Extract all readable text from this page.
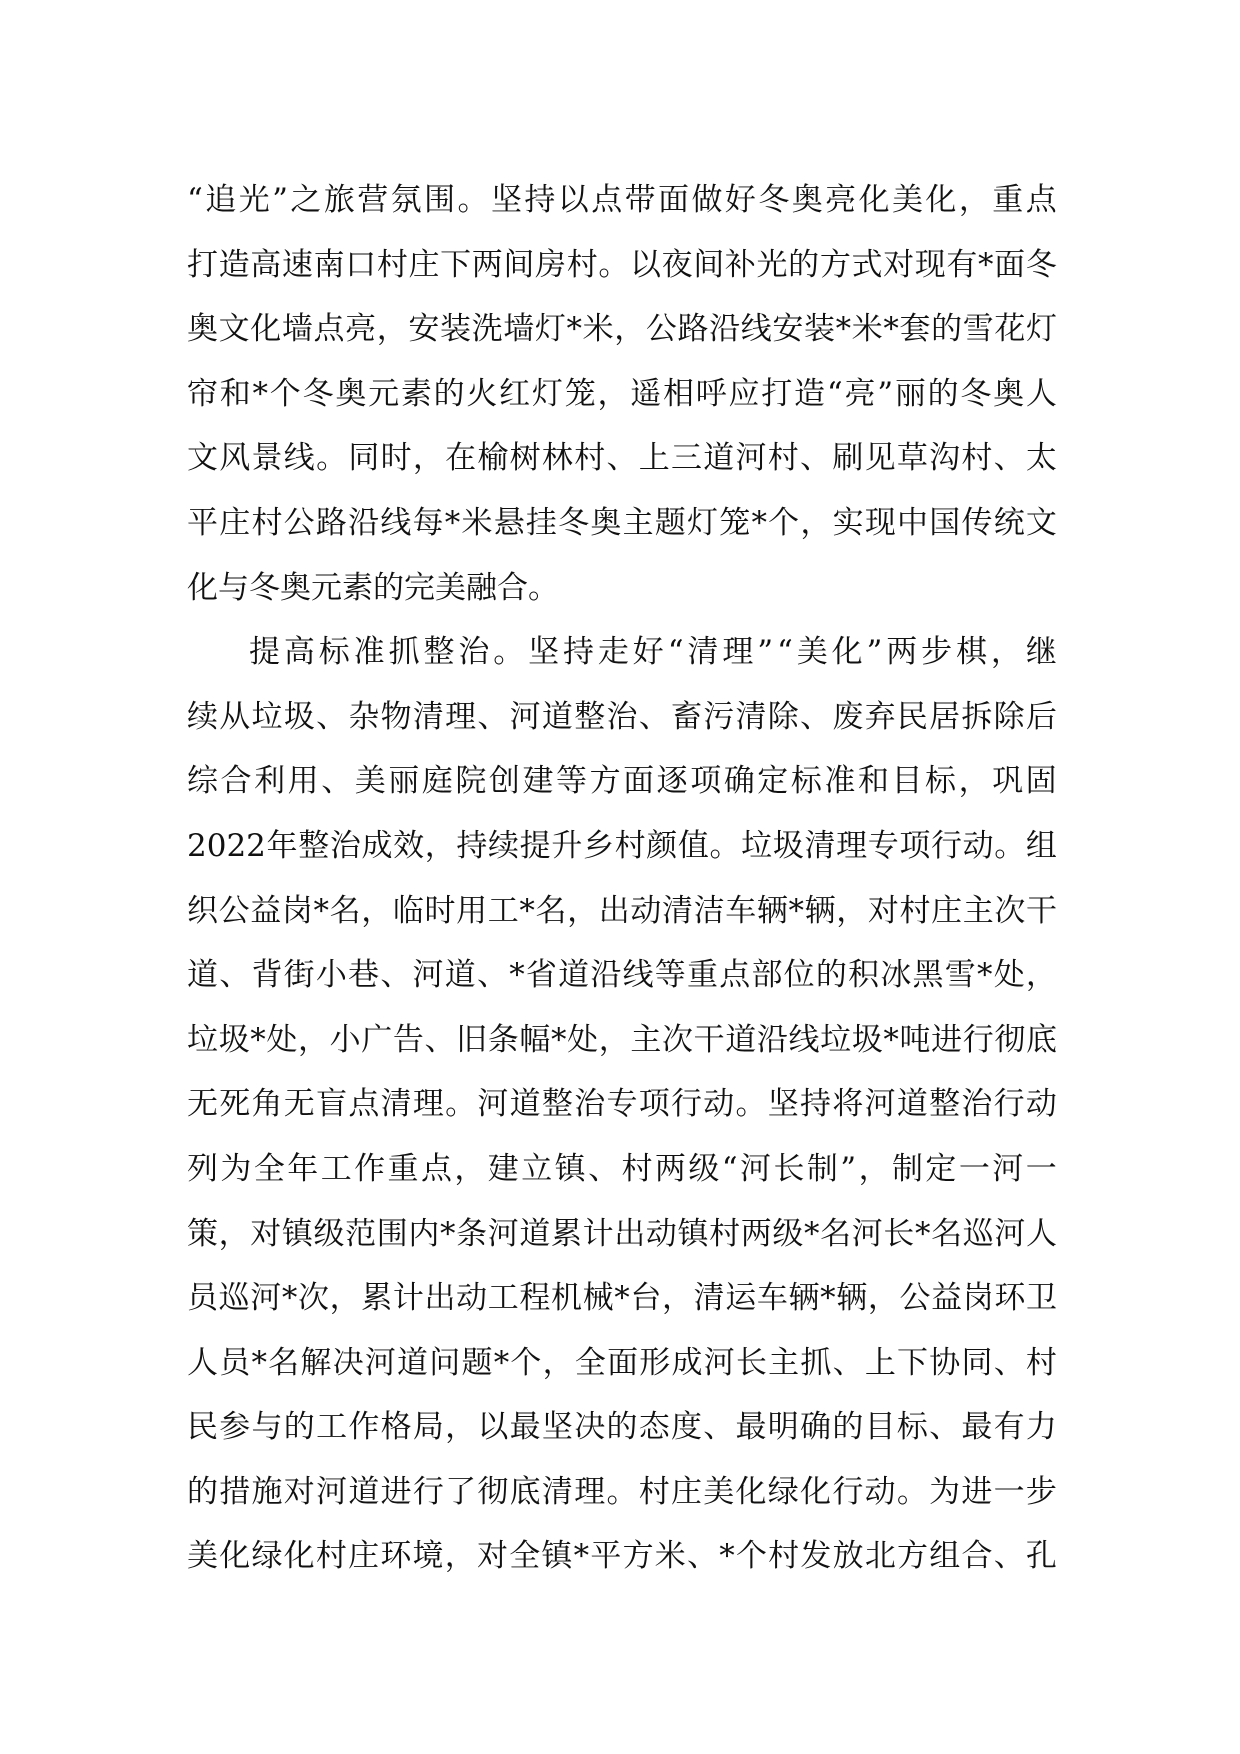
“ 追 光 ” 之 旅 营 氛 围 。 坚 持 以 点 带 面 做 好 冬 奥 亮 化 美 化 ， 重 点
打 造 高 速 南 口 村 庄 下 两 间 房 村 。 以 夜 间 补 光 的 方 式 对 现 有 * 面 冬
奥 文 化 墙 点 亮 ， 安 装 洗 墙 灯 * 米 ， 公 路 沿 线 安 装 * 米 * 套 的 雪 花 灯
帘 和 * 个 冬 奥 元 素 的 火 红 灯 笼 ， 遥 相 呼 应 打 造 “ 亮 ” 丽 的 冬 奥 人
文 风 景 线 。 同 时 ， 在 榆 树 林 村 、 上 三 道 河 村 、 刷 见 草 沟 村 、 太
平 庄 村 公 路 沿 线 每 * 米 悬 挂 冬 奥 主 题 灯 笼 * 个 ， 实 现 中 国 传 统 文
化与冬奥元素的完美融合。
提 高 标 准 抓 整 治 。 坚 持 走 好 “ 清 理 ” “ 美 化 ” 两 步 棋 ， 继
续 从 垃 圾 、 杂 物 清 理 、 河 道 整 治 、 畜 污 清 除 、 废 弃 民 居 拆 除 后
综 合 利 用 、 美 丽 庭 院 创 建 等 方 面 逐 项 确 定 标 准 和 目 标 ， 巩 固
2022 年 整 治 成 效 ， 持 续 提 升 乡 村 颜 值 。 垃 圾 清 理 专 项 行 动 。 组
织 公 益 岗 * 名 ， 临 时 用 工 * 名 ， 出 动 清 洁 车 辆 * 辆 ， 对 村 庄 主 次 干
道 、 背 街 小 巷 、 河 道 、 * 省 道 沿 线 等 重 点 部 位 的 积 冰 黑 雪 * 处 ，
垃 圾 * 处 ， 小 广 告 、 旧 条 幅 * 处 ， 主 次 干 道 沿 线 垃 圾 * 吨 进 行 彻 底
无 死 角 无 盲 点 清 理 。 河 道 整 治 专 项 行 动 。 坚 持 将 河 道 整 治 行 动
列 为 全 年 工 作 重 点 ， 建 立 镇 、 村 两 级 “ 河 长 制 ” ， 制 定 一 河 一
策 ， 对 镇 级 范 围 内 * 条 河 道 累 计 出 动 镇 村 两 级 * 名 河 长 * 名 巡 河 人
员 巡 河 * 次 ， 累 计 出 动 工 程 机 械 * 台 ， 清 运 车 辆 * 辆 ， 公 益 岗 环 卫
人 员 * 名 解 决 河 道 问 题 * 个 ， 全 面 形 成 河 长 主 抓 、 上 下 协 同 、 村
民 参 与 的 工 作 格 局 ， 以 最 坚 决 的 态 度 、 最 明 确 的 目 标 、 最 有 力
的 措 施 对 河 道 进 行 了 彻 底 清 理 。 村 庄 美 化 绿 化 行 动 。 为 进 一 步
美 化 绿 化 村 庄 环 境 ， 对 全 镇 * 平 方 米 、 * 个 村 发 放 北 方 组 合 、 孔
